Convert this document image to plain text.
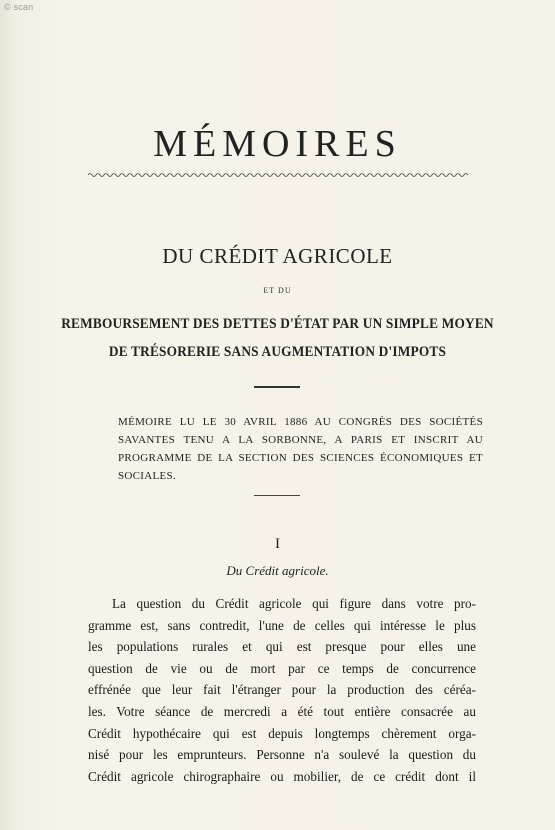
© scan
MÉMOIRES
DU CRÉDIT AGRICOLE
ET DU
REMBOURSEMENT DES DETTES D'ÉTAT PAR UN SIMPLE MOYEN
DE TRÉSORERIE SANS AUGMENTATION D'IMPOTS
MÉMOIRE LU LE 30 AVRIL 1886 AU CONGRÈS DES SOCIÉTÉS SAVANTES TENU A LA SORBONNE, A PARIS ET INSCRIT AU PROGRAMME DE LA SECTION DES SCIENCES ÉCONOMIQUES ET SOCIALES.
I
Du Crédit agricole.
La question du Crédit agricole qui figure dans votre pro-
gramme est, sans contredit, l'une de celles qui intéresse le plus
les populations rurales et qui est presque pour elles une
question de vie ou de mort par ce temps de concurrence
effrénée que leur fait l'étranger pour la production des céréa-
les. Votre séance de mercredi a été tout entière consacrée au
Crédit hypothécaire qui est depuis longtemps chèrement orga-
nisé pour les emprunteurs. Personne n'a soulevé la question du
Crédit agricole chirographaire ou mobilier, de ce crédit dont il
